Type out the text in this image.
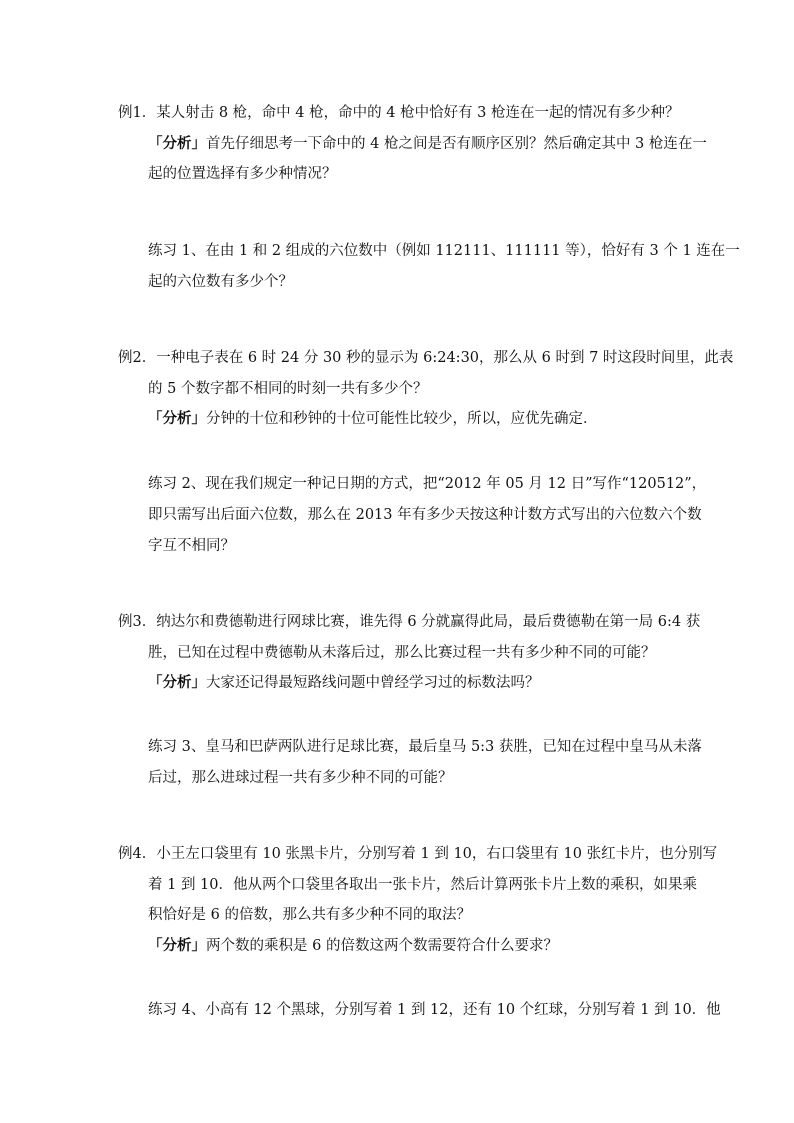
例1．某人射击 8 枪，命中 4 枪，命中的 4 枪中恰好有 3 枪连在一起的情况有多少种？
「分析」首先仔细思考一下命中的 4 枪之间是否有顺序区别？然后确定其中 3 枪连在一
起的位置选择有多少种情况？
练习 1、在由 1 和 2 组成的六位数中（例如 112111、111111 等），恰好有 3 个 1 连在一
起的六位数有多少个？
例2．一种电子表在 6 时 24 分 30 秒的显示为 6:24:30，那么从 6 时到 7 时这段时间里，此表
的 5 个数字都不相同的时刻一共有多少个？
「分析」分钟的十位和秒钟的十位可能性比较少，所以，应优先确定．
练习 2、现在我们规定一种记日期的方式，把“2012 年 05 月 12 日”写作“120512”，
即只需写出后面六位数，那么在 2013 年有多少天按这种计数方式写出的六位数六个数
字互不相同？
例3．纳达尔和费德勒进行网球比赛，谁先得 6 分就赢得此局，最后费德勒在第一局 6:4 获
胜，已知在过程中费德勒从未落后过，那么比赛过程一共有多少种不同的可能？
「分析」大家还记得最短路线问题中曾经学习过的标数法吗？
练习 3、皇马和巴萨两队进行足球比赛，最后皇马 5:3 获胜，已知在过程中皇马从未落
后过，那么进球过程一共有多少种不同的可能？
例4．小王左口袋里有 10 张黑卡片，分别写着 1 到 10，右口袋里有 10 张红卡片，也分别写
着 1 到 10．他从两个口袋里各取出一张卡片，然后计算两张卡片上数的乘积，如果乘
积恰好是 6 的倍数，那么共有多少种不同的取法？
「分析」两个数的乘积是 6 的倍数这两个数需要符合什么要求？
练习 4、小高有 12 个黑球，分别写着 1 到 12，还有 10 个红球，分别写着 1 到 10．他
